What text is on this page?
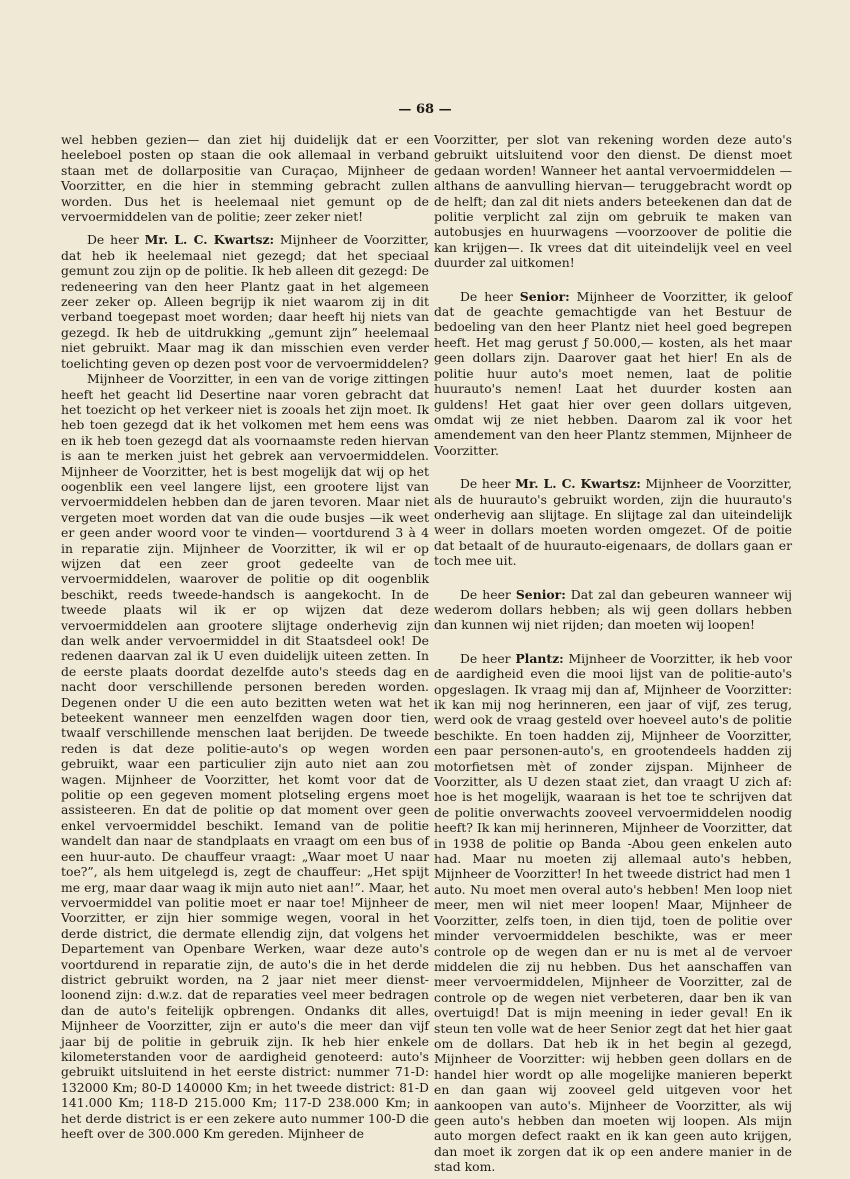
— 68 —

wel hebben gezien— dan ziet hij duidelijk dat er een heeleboel posten op staan die ook allemaal in verband staan met de dollarpositie van Curaçao, Mijnheer de Voorzitter, en die hier in stemming gebracht zullen worden. Dus het is heelemaal niet gemunt op de vervoermiddelen van de politie; zeer zeker niet!

De heer Mr. L. C. Kwartsz: Mijnheer de Voorzitter, dat heb ik heelemaal niet gezegd; dat het speciaal gemunt zou zijn op de politie. Ik heb alleen dit gezegd: De redeneering van den heer Plantz gaat in het algemeen zeer zeker op. Alleen begrijp ik niet waarom zij in dit verband toegepast moet worden; daar heeft hij niets van gezegd. Ik heb de uitdrukking „gemunt zijn” heelemaal niet gebruikt. Maar mag ik dan misschien even verder toelichting geven op dezen post voor de vervoermiddelen?

Mijnheer de Voorzitter, in een van de vorige zittingen heeft het geacht lid Desertine naar voren gebracht dat het toezicht op het verkeer niet is zooals het zijn moet. Ik heb toen gezegd dat ik het volkomen met hem eens was en ik heb toen gezegd dat als voornaamste reden hiervan is aan te merken juist het gebrek aan vervoermiddelen. Mijnheer de Voorzitter, het is best mogelijk dat wij op het oogenblik een veel langere lijst, een grootere lijst van vervoermiddelen hebben dan de jaren tevoren. Maar niet vergeten moet worden dat van die oude busjes —ik weet er geen ander woord voor te vinden— voortdurend 3 à 4 in reparatie zijn. Mijnheer de Voorzitter, ik wil er op wijzen dat een zeer groot gedeelte van de vervoermiddelen, waarover de politie op dit oogenblik beschikt, reeds tweede-handsch is aangekocht. In de tweede plaats wil ik er op wijzen dat deze vervoermiddelen aan grootere slijtage onderhevig zijn dan welk ander vervoermiddel in dit Staatsdeel ook! De redenen daarvan zal ik U even duidelijk uiteen zetten. In de eerste plaats doordat dezelfde auto's steeds dag en nacht door verschillende personen bereden worden. Degenen onder U die een auto bezitten weten wat het beteekent wanneer men eenzelfden wagen door tien, twaalf verschillende menschen laat berijden. De tweede reden is dat deze politie-auto's op wegen worden gebruikt, waar een particulier zijn auto niet aan zou wagen. Mijnheer de Voorzitter, het komt voor dat de politie op een gegeven moment plotseling ergens moet assisteeren. En dat de politie op dat moment over geen enkel vervoermiddel beschikt. Iemand van de politie wandelt dan naar de standplaats en vraagt om een bus of een huur-auto. De chauffeur vraagt: „Waar moet U naar toe?”, als hem uitgelegd is, zegt de chauffeur: „Het spijt me erg, maar daar waag ik mijn auto niet aan!”. Maar, het vervoermiddel van politie moet er naar toe! Mijnheer de Voorzitter, er zijn hier sommige wegen, vooral in het derde district, die dermate ellendig zijn, dat volgens het Departement van Openbare Werken, waar deze auto's voortdurend in reparatie zijn, de auto's die in het derde district gebruikt worden, na 2 jaar niet meer dienst-loonend zijn: d.w.z. dat de reparaties veel meer bedragen dan de auto's feitelijk opbrengen. Ondanks dit alles, Mijnheer de Voorzitter, zijn er auto's die meer dan vijf jaar bij de politie in gebruik zijn. Ik heb hier enkele kilometerstanden voor de aardigheid genoteerd: auto's gebruikt uitsluitend in het eerste district: nummer 71-D: 132000 Km; 80-D 140000 Km; in het tweede district: 81-D 141.000 Km; 118-D 215.000 Km; 117-D 238.000 Km; in het derde district is er een zekere auto nummer 100-D die heeft over de 300.000 Km gereden. Mijnheer de

Voorzitter, per slot van rekening worden deze auto's gebruikt uitsluitend voor den dienst. De dienst moet gedaan worden! Wanneer het aantal vervoermiddelen —althans de aanvulling hiervan— teruggebracht wordt op de helft; dan zal dit niets anders beteekenen dan dat de politie verplicht zal zijn om gebruik te maken van autobusjes en huurwagens —voorzoover de politie die kan krijgen—. Ik vrees dat dit uiteindelijk veel en veel duurder zal uitkomen!

De heer Senior: Mijnheer de Voorzitter, ik geloof dat de geachte gemachtigde van het Bestuur de bedoeling van den heer Plantz niet heel goed begrepen heeft. Het mag gerust ƒ 50.000,— kosten, als het maar geen dollars zijn. Daarover gaat het hier! En als de politie huur auto's moet nemen, laat de politie huurauto's nemen! Laat het duurder kosten aan guldens! Het gaat hier over geen dollars uitgeven, omdat wij ze niet hebben. Daarom zal ik voor het amendement van den heer Plantz stemmen, Mijnheer de Voorzitter.

De heer Mr. L. C. Kwartsz: Mijnheer de Voorzitter, als de huurauto's gebruikt worden, zijn die huurauto's onderhevig aan slijtage. En slijtage zal dan uiteindelijk weer in dollars moeten worden omgezet. Of de poitie dat betaalt of de huurauto-eigenaars, de dollars gaan er toch mee uit.

De heer Senior: Dat zal dan gebeuren wanneer wij wederom dollars hebben; als wij geen dollars hebben dan kunnen wij niet rijden; dan moeten wij loopen!

De heer Plantz: Mijnheer de Voorzitter, ik heb voor de aardigheid even die mooi lijst van de politie-auto's opgeslagen. Ik vraag mij dan af, Mijnheer de Voorzitter: ik kan mij nog herinneren, een jaar of vijf, zes terug, werd ook de vraag gesteld over hoeveel auto's de politie beschikte. En toen hadden zij, Mijnheer de Voorzitter, een paar personen-auto's, en grootendeels hadden zij motorfietsen mèt of zonder zijspan. Mijnheer de Voorzitter, als U dezen staat ziet, dan vraagt U zich af: hoe is het mogelijk, waaraan is het toe te schrijven dat de politie onverwachts zooveel vervoermiddelen noodig heeft? Ik kan mij herinneren, Mijnheer de Voorzitter, dat in 1938 de politie op Banda -Abou geen enkelen auto had. Maar nu moeten zij allemaal auto's hebben, Mijnheer de Voorzitter! In het tweede district had men 1 auto. Nu moet men overal auto's hebben! Men loop niet meer, men wil niet meer loopen! Maar, Mijnheer de Voorzitter, zelfs toen, in dien tijd, toen de politie over minder vervoermiddelen beschikte, was er meer controle op de wegen dan er nu is met al de vervoer middelen die zij nu hebben. Dus het aanschaffen van meer vervoermiddelen, Mijnheer de Voorzitter, zal de controle op de wegen niet verbeteren, daar ben ik van overtuigd! Dat is mijn meening in ieder geval! En ik steun ten volle wat de heer Senior zegt dat het hier gaat om de dollars. Dat heb ik in het begin al gezegd, Mijnheer de Voorzitter: wij hebben geen dollars en de handel hier wordt op alle mogelijke manieren beperkt en dan gaan wij zooveel geld uitgeven voor het aankoopen van auto's. Mijnheer de Voorzitter, als wij geen auto's hebben dan moeten wij loopen. Als mijn auto morgen defect raakt en ik kan geen auto krijgen, dan moet ik zorgen dat ik op een andere manier in de stad kom.
